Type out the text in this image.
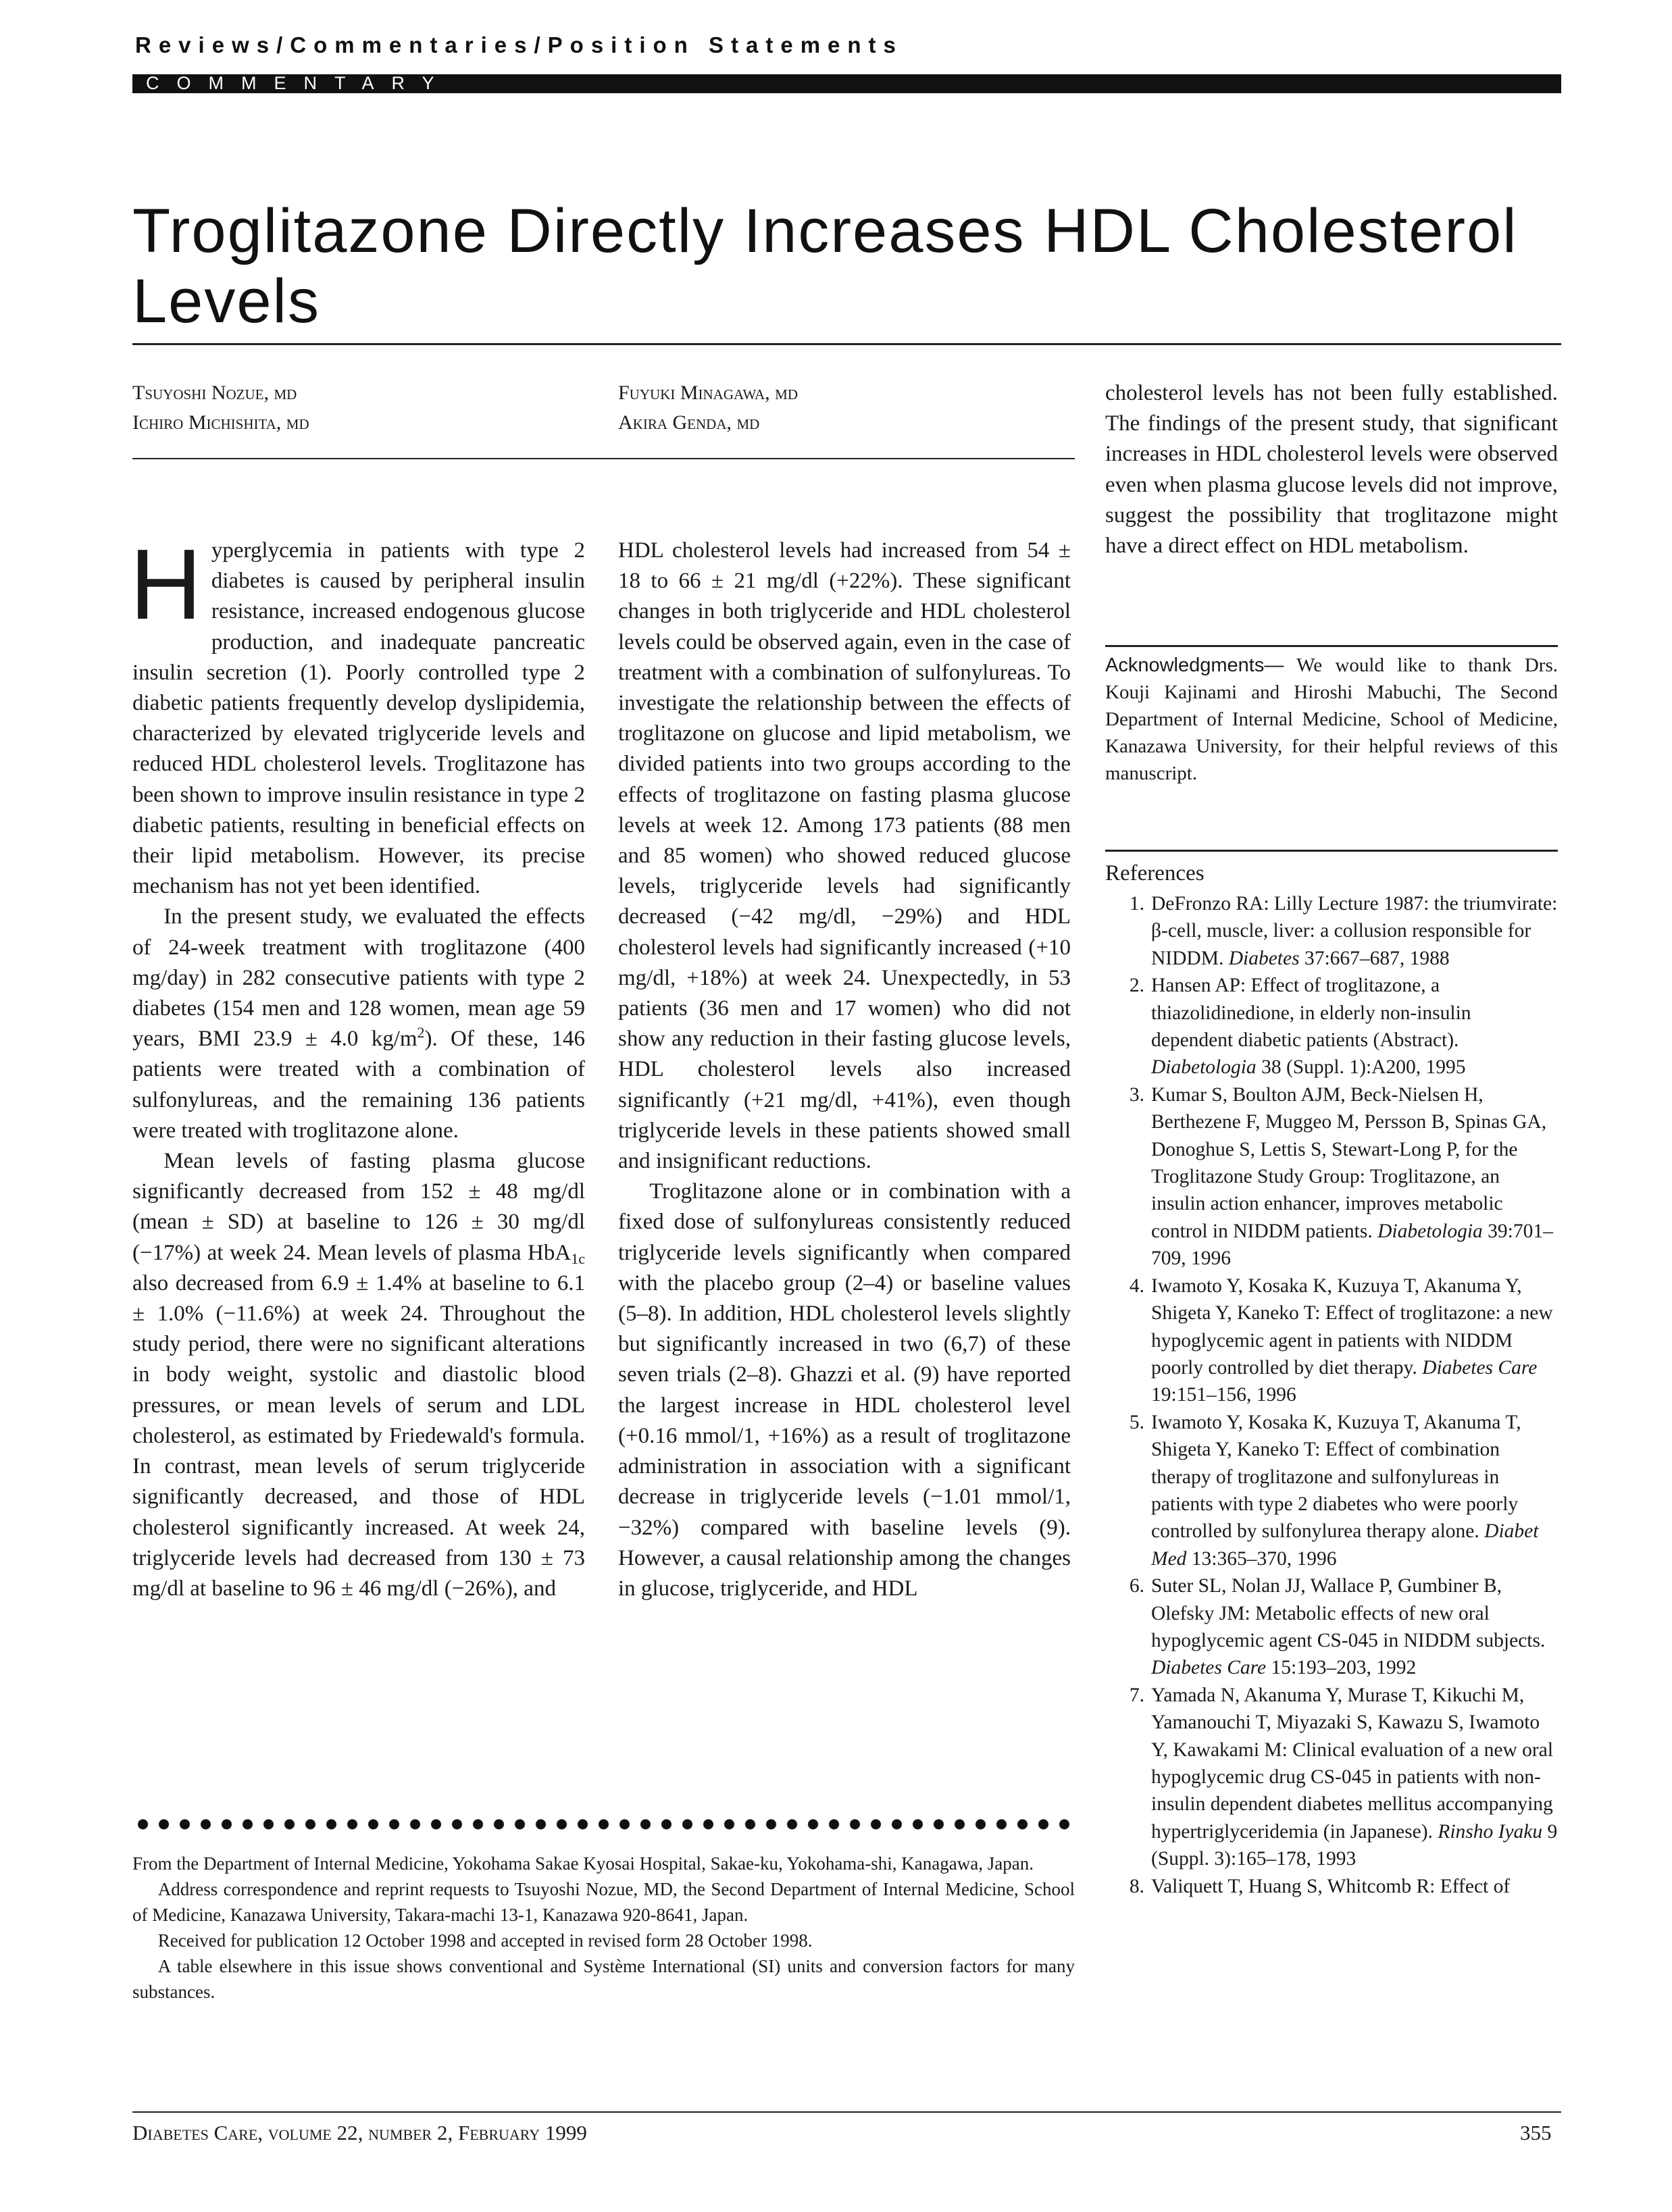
Reviews/Commentaries/Position Statements
COMMENTARY
Troglitazone Directly Increases HDL Cholesterol Levels
Tsuyoshi Nozue, md
Ichiro Michishita, md
Fuyuki Minagawa, md
Akira Genda, md

Hyperglycemia in patients with type 2 diabetes is caused by peripheral insulin resistance, increased endogenous glucose production, and inadequate pancreatic insulin secretion (1). Poorly controlled type 2 diabetic patients frequently develop dyslipidemia, characterized by elevated triglyceride levels and reduced HDL cholesterol levels. Troglitazone has been shown to improve insulin resistance in type 2 diabetic patients, resulting in beneficial effects on their lipid metabolism. However, its precise mechanism has not yet been identified.

In the present study, we evaluated the effects of 24-week treatment with troglitazone (400 mg/day) in 282 consecutive patients with type 2 diabetes (154 men and 128 women, mean age 59 years, BMI 23.9 ± 4.0 $kg/m^2$). Of these, 146 patients were treated with a combination of sulfonylureas, and the remaining 136 patients were treated with troglitazone alone.

Mean levels of fasting plasma glucose significantly decreased from 152 ± 48 mg/dl (mean ± SD) at baseline to 126 ± 30 mg/dl (−17%) at week 24. Mean levels of plasma HbA$_{1c}$ also decreased from 6.9 ± 1.4% at baseline to 6.1 ± 1.0% (−11.6%) at week 24. Throughout the study period, there were no significant alterations in body weight, systolic and diastolic blood pressures, or mean levels of serum and LDL cholesterol, as estimated by Friedewald's formula. In contrast, mean levels of serum triglyceride significantly decreased, and those of HDL cholesterol significantly increased. At week 24, triglyceride levels had decreased from 130 ± 73 mg/dl at baseline to 96 ± 46 mg/dl (−26%), and

HDL cholesterol levels had increased from 54 ± 18 to 66 ± 21 mg/dl (+22%). These significant changes in both triglyceride and HDL cholesterol levels could be observed again, even in the case of treatment with a combination of sulfonylureas. To investigate the relationship between the effects of troglitazone on glucose and lipid metabolism, we divided patients into two groups according to the effects of troglitazone on fasting plasma glucose levels at week 12. Among 173 patients (88 men and 85 women) who showed reduced glucose levels, triglyceride levels had significantly decreased (−42 mg/dl, −29%) and HDL cholesterol levels had significantly increased (+10 mg/dl, +18%) at week 24. Unexpectedly, in 53 patients (36 men and 17 women) who did not show any reduction in their fasting glucose levels, HDL cholesterol levels also increased significantly (+21 mg/dl, +41%), even though triglyceride levels in these patients showed small and insignificant reductions.

Troglitazone alone or in combination with a fixed dose of sulfonylureas consistently reduced triglyceride levels significantly when compared with the placebo group (2–4) or baseline values (5–8). In addition, HDL cholesterol levels slightly but significantly increased in two (6,7) of these seven trials (2–8). Ghazzi et al. (9) have reported the largest increase in HDL cholesterol level (+0.16 mmol/1, +16%) as a result of troglitazone administration in association with a significant decrease in triglyceride levels (−1.01 mmol/1, −32%) compared with baseline levels (9). However, a causal relationship among the changes in glucose, triglyceride, and HDL

cholesterol levels has not been fully established. The findings of the present study, that significant increases in HDL cholesterol levels were observed even when plasma glucose levels did not improve, suggest the possibility that troglitazone might have a direct effect on HDL metabolism.

Acknowledgments— We would like to thank Drs. Kouji Kajinami and Hiroshi Mabuchi, The Second Department of Internal Medicine, School of Medicine, Kanazawa University, for their helpful reviews of this manuscript.
References
1. DeFronzo RA: Lilly Lecture 1987: the triumvirate: β-cell, muscle, liver: a collusion responsible for NIDDM. Diabetes 37:667–687, 1988
2. Hansen AP: Effect of troglitazone, a thiazolidinedione, in elderly non-insulin dependent diabetic patients (Abstract). Diabetologia 38 (Suppl. 1):A200, 1995
3. Kumar S, Boulton AJM, Beck-Nielsen H, Berthezene F, Muggeo M, Persson B, Spinas GA, Donoghue S, Lettis S, Stewart-Long P, for the Troglitazone Study Group: Troglitazone, an insulin action enhancer, improves metabolic control in NIDDM patients. Diabetologia 39:701–709, 1996
4. Iwamoto Y, Kosaka K, Kuzuya T, Akanuma Y, Shigeta Y, Kaneko T: Effect of troglitazone: a new hypoglycemic agent in patients with NIDDM poorly controlled by diet therapy. Diabetes Care 19:151–156, 1996
5. Iwamoto Y, Kosaka K, Kuzuya T, Akanuma T, Shigeta Y, Kaneko T: Effect of combination therapy of troglitazone and sulfonylureas in patients with type 2 diabetes who were poorly controlled by sulfonylurea therapy alone. Diabet Med 13:365–370, 1996
6. Suter SL, Nolan JJ, Wallace P, Gumbiner B, Olefsky JM: Metabolic effects of new oral hypoglycemic agent CS-045 in NIDDM subjects. Diabetes Care 15:193–203, 1992
7. Yamada N, Akanuma Y, Murase T, Kikuchi M, Yamanouchi T, Miyazaki S, Kawazu S, Iwamoto Y, Kawakami M: Clinical evaluation of a new oral hypoglycemic drug CS-045 in patients with non-insulin dependent diabetes mellitus accompanying hypertriglyceridemia (in Japanese). Rinsho Iyaku 9 (Suppl. 3):165–178, 1993
8. Valiquett T, Huang S, Whitcomb R: Effect of

From the Department of Internal Medicine, Yokohama Sakae Kyosai Hospital, Sakae-ku, Yokohama-shi, Kanagawa, Japan.

Address correspondence and reprint requests to Tsuyoshi Nozue, MD, the Second Department of Internal Medicine, School of Medicine, Kanazawa University, Takara-machi 13-1, Kanazawa 920-8641, Japan.

Received for publication 12 October 1998 and accepted in revised form 28 October 1998.

A table elsewhere in this issue shows conventional and Système International (SI) units and conversion factors for many substances.

Diabetes Care, volume 22, number 2, February 1999	355
